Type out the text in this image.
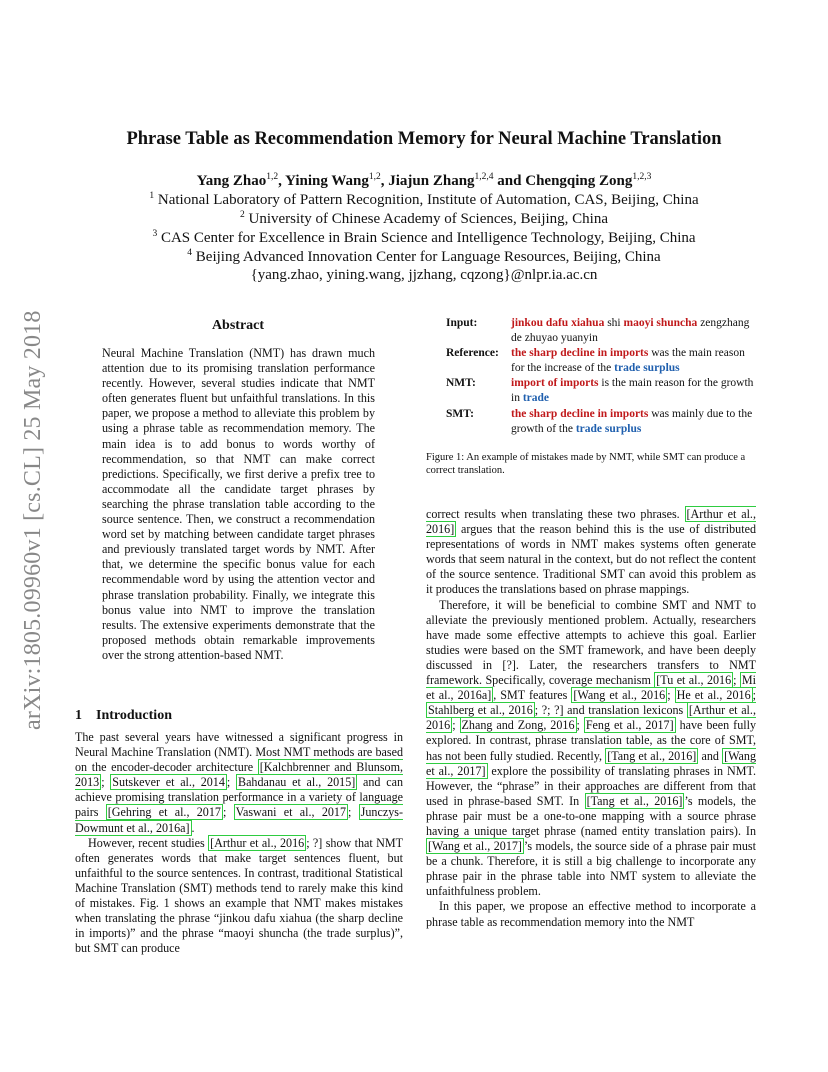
arXiv:1805.09960v1 [cs.CL] 25 May 2018
Phrase Table as Recommendation Memory for Neural Machine Translation
Yang Zhao$^{1,2}$, Yining Wang$^{1,2}$, Jiajun Zhang$^{1,2,4}$ and Chengqing Zong$^{1,2,3}$
$^1$ National Laboratory of Pattern Recognition, Institute of Automation, CAS, Beijing, China
$^2$ University of Chinese Academy of Sciences, Beijing, China
$^3$ CAS Center for Excellence in Brain Science and Intelligence Technology, Beijing, China
$^4$ Beijing Advanced Innovation Center for Language Resources, Beijing, China
{yang.zhao, yining.wang, jjzhang, cqzong}@nlpr.ia.ac.cn
Abstract
Neural Machine Translation (NMT) has drawn much attention due to its promising translation performance recently. However, several studies indicate that NMT often generates fluent but unfaithful translations. In this paper, we propose a method to alleviate this problem by using a phrase table as recommendation memory. The main idea is to add bonus to words worthy of recommendation, so that NMT can make correct predictions. Specifically, we first derive a prefix tree to accommodate all the candidate target phrases by searching the phrase translation table according to the source sentence. Then, we construct a recommendation word set by matching between candidate target phrases and previously translated target words by NMT. After that, we determine the specific bonus value for each recommendable word by using the attention vector and phrase translation probability. Finally, we integrate this bonus value into NMT to improve the translation results. The extensive experiments demonstrate that the proposed methods obtain remarkable improvements over the strong attention-based NMT.
1 Introduction

The past several years have witnessed a significant progress in Neural Machine Translation (NMT). Most NMT methods are based on the encoder-decoder architecture [Kalchbrenner and Blunsom, 2013 ; Sutskever et al., 2014 ; Bahdanau et al., 2015] and can achieve promising translation performance in a variety of language pairs [Gehring et al., 2017 ; Vaswani et al., 2017 ; Junczys-Dowmunt et al., 2016a] .

However, recent studies [Arthur et al., 2016 ; ?] show that NMT often generates words that make target sentences fluent, but unfaithful to the source sentences. In contrast, traditional Statistical Machine Translation (SMT) methods tend to rarely make this kind of mistakes. Fig. 1 shows an example that NMT makes mistakes when translating the phrase “jinkou dafu xiahua (the sharp decline in imports)” and the phrase “maoyi shuncha (the trade surplus)”, but SMT can produce

Input:	jinkou dafu xiahua shi maoyi shuncha zengzhang de zhuyao yuanyin
Reference: the sharp decline in imports was the main reason for the increase of the trade surplus
NMT:	import of imports is the main reason for the growth in trade
SMT:	the sharp decline in imports was mainly due to the growth of the trade surplus
Figure 1: An example of mistakes made by NMT, while SMT can produce a correct translation.

correct results when translating these two phrases. [Arthur et al., 2016] argues that the reason behind this is the use of distributed representations of words in NMT makes systems often generate words that seem natural in the context, but do not reflect the content of the source sentence. Traditional SMT can avoid this problem as it produces the translations based on phrase mappings.

Therefore, it will be beneficial to combine SMT and NMT to alleviate the previously mentioned problem. Actually, researchers have made some effective attempts to achieve this goal. Earlier studies were based on the SMT framework, and have been deeply discussed in [?]. Later, the researchers transfers to NMT framework. Specifically, coverage mechanism [Tu et al., 2016 ; Mi et al., 2016a] , SMT features [Wang et al., 2016 ; He et al., 2016 ; Stahlberg et al., 2016 ; ?; ?] and translation lexicons [Arthur et al., 2016 ; Zhang and Zong, 2016 ; Feng et al., 2017] have been fully explored. In contrast, phrase translation table, as the core of SMT, has not been fully studied. Recently, [Tang et al., 2016] and [Wang et al., 2017] explore the possibility of translating phrases in NMT. However, the “phrase” in their approaches are different from that used in phrase-based SMT. In [Tang et al., 2016] ’s models, the phrase pair must be a one-to-one mapping with a source phrase having a unique target phrase (named entity translation pairs). In [Wang et al., 2017] ’s models, the source side of a phrase pair must be a chunk. Therefore, it is still a big challenge to incorporate any phrase pair in the phrase table into NMT system to alleviate the unfaithfulness problem.

In this paper, we propose an effective method to incorporate a phrase table as recommendation memory into the NMT
